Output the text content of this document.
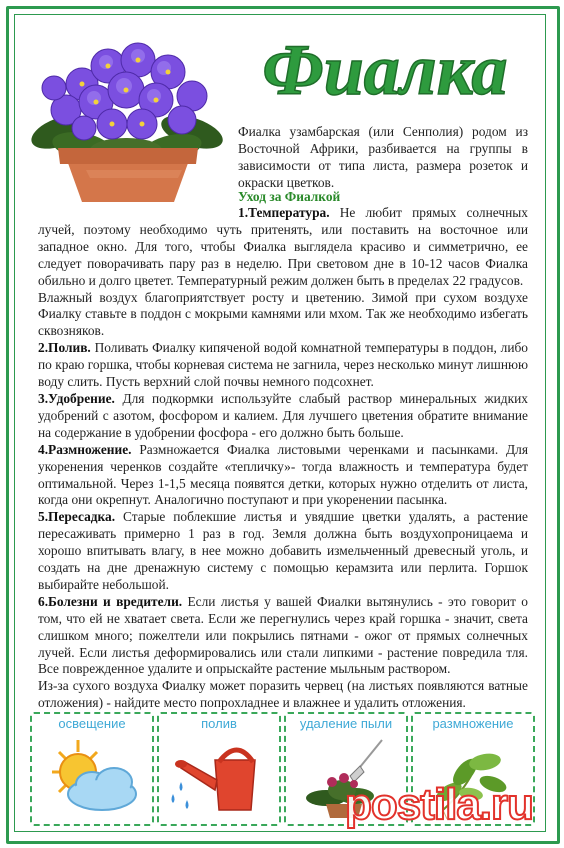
Фиалка
Фиалка узамбарская (или Сенполия) родом из Восточной Африки, разбивается на группы в зависимости от типа листа, размера розеток и окраски цветков.
Уход за Фиалкой

1.Температура. Не любит прямых солнечных лучей, поэтому необходимо чуть притенять, или поставить на восточное или западное окно. Для того, чтобы Фиалка выглядела красиво и симметрично, ее следует поворачивать пару раз в неделю. При световом дне в 10-12 часов Фиалка обильно и долго цветет. Температурный режим должен быть в пределах 22 градусов.

Влажный воздух благоприятствует росту и цветению. Зимой при сухом воздухе Фиалку ставьте в поддон с мокрыми камнями или мхом. Так же необходимо избегать сквозняков.

2.Полив. Поливать Фиалку кипяченой водой комнатной температуры в поддон, либо по краю горшка, чтобы корневая система не загнила, через несколько минут лишнюю воду слить. Пусть верхний слой почвы немного подсохнет.

3.Удобрение. Для подкормки используйте слабый раствор минеральных жидких удобрений с азотом, фосфором и калием. Для лучшего цветения обратите внимание на содержание в удобрении фосфора - его должно быть больше.

4.Размножение. Размножается Фиалка листовыми черенками и пасынками. Для укоренения черенков создайте «тепличку»- тогда влажность и температура будет оптимальной. Через 1-1,5 месяца появятся детки, которых нужно отделить от листа, когда они окрепнут. Аналогично поступают и при укоренении пасынка.

5.Пересадка. Старые поблекшие листья и увядшие цветки удалять, а растение пересаживать примерно 1 раз в год. Земля должна быть воздухопроницаема и хорошо впитывать влагу, в нее можно добавить измельченный древесный уголь, и создать на дне дренажную систему с помощью керамзита или перлита. Горшок выбирайте небольшой.

6.Болезни и вредители. Если листья у вашей Фиалки вытянулись - это говорит о том, что ей не хватает света. Если же перегнулись через край горшка - значит, света слишком много; пожелтели или покрылись пятнами - ожог от прямых солнечных лучей. Если листья деформировались или стали липкими - растение повредила тля. Все поврежденное удалите и опрыскайте растение мыльным раствором.

Из-за сухого воздуха Фиалку может поразить червец (на листьях появляются ватные отложения) - найдите место попрохладнее и влажнее и удалить отложения.

освещение	полив	удаление пыли	размножение
postila.ru
